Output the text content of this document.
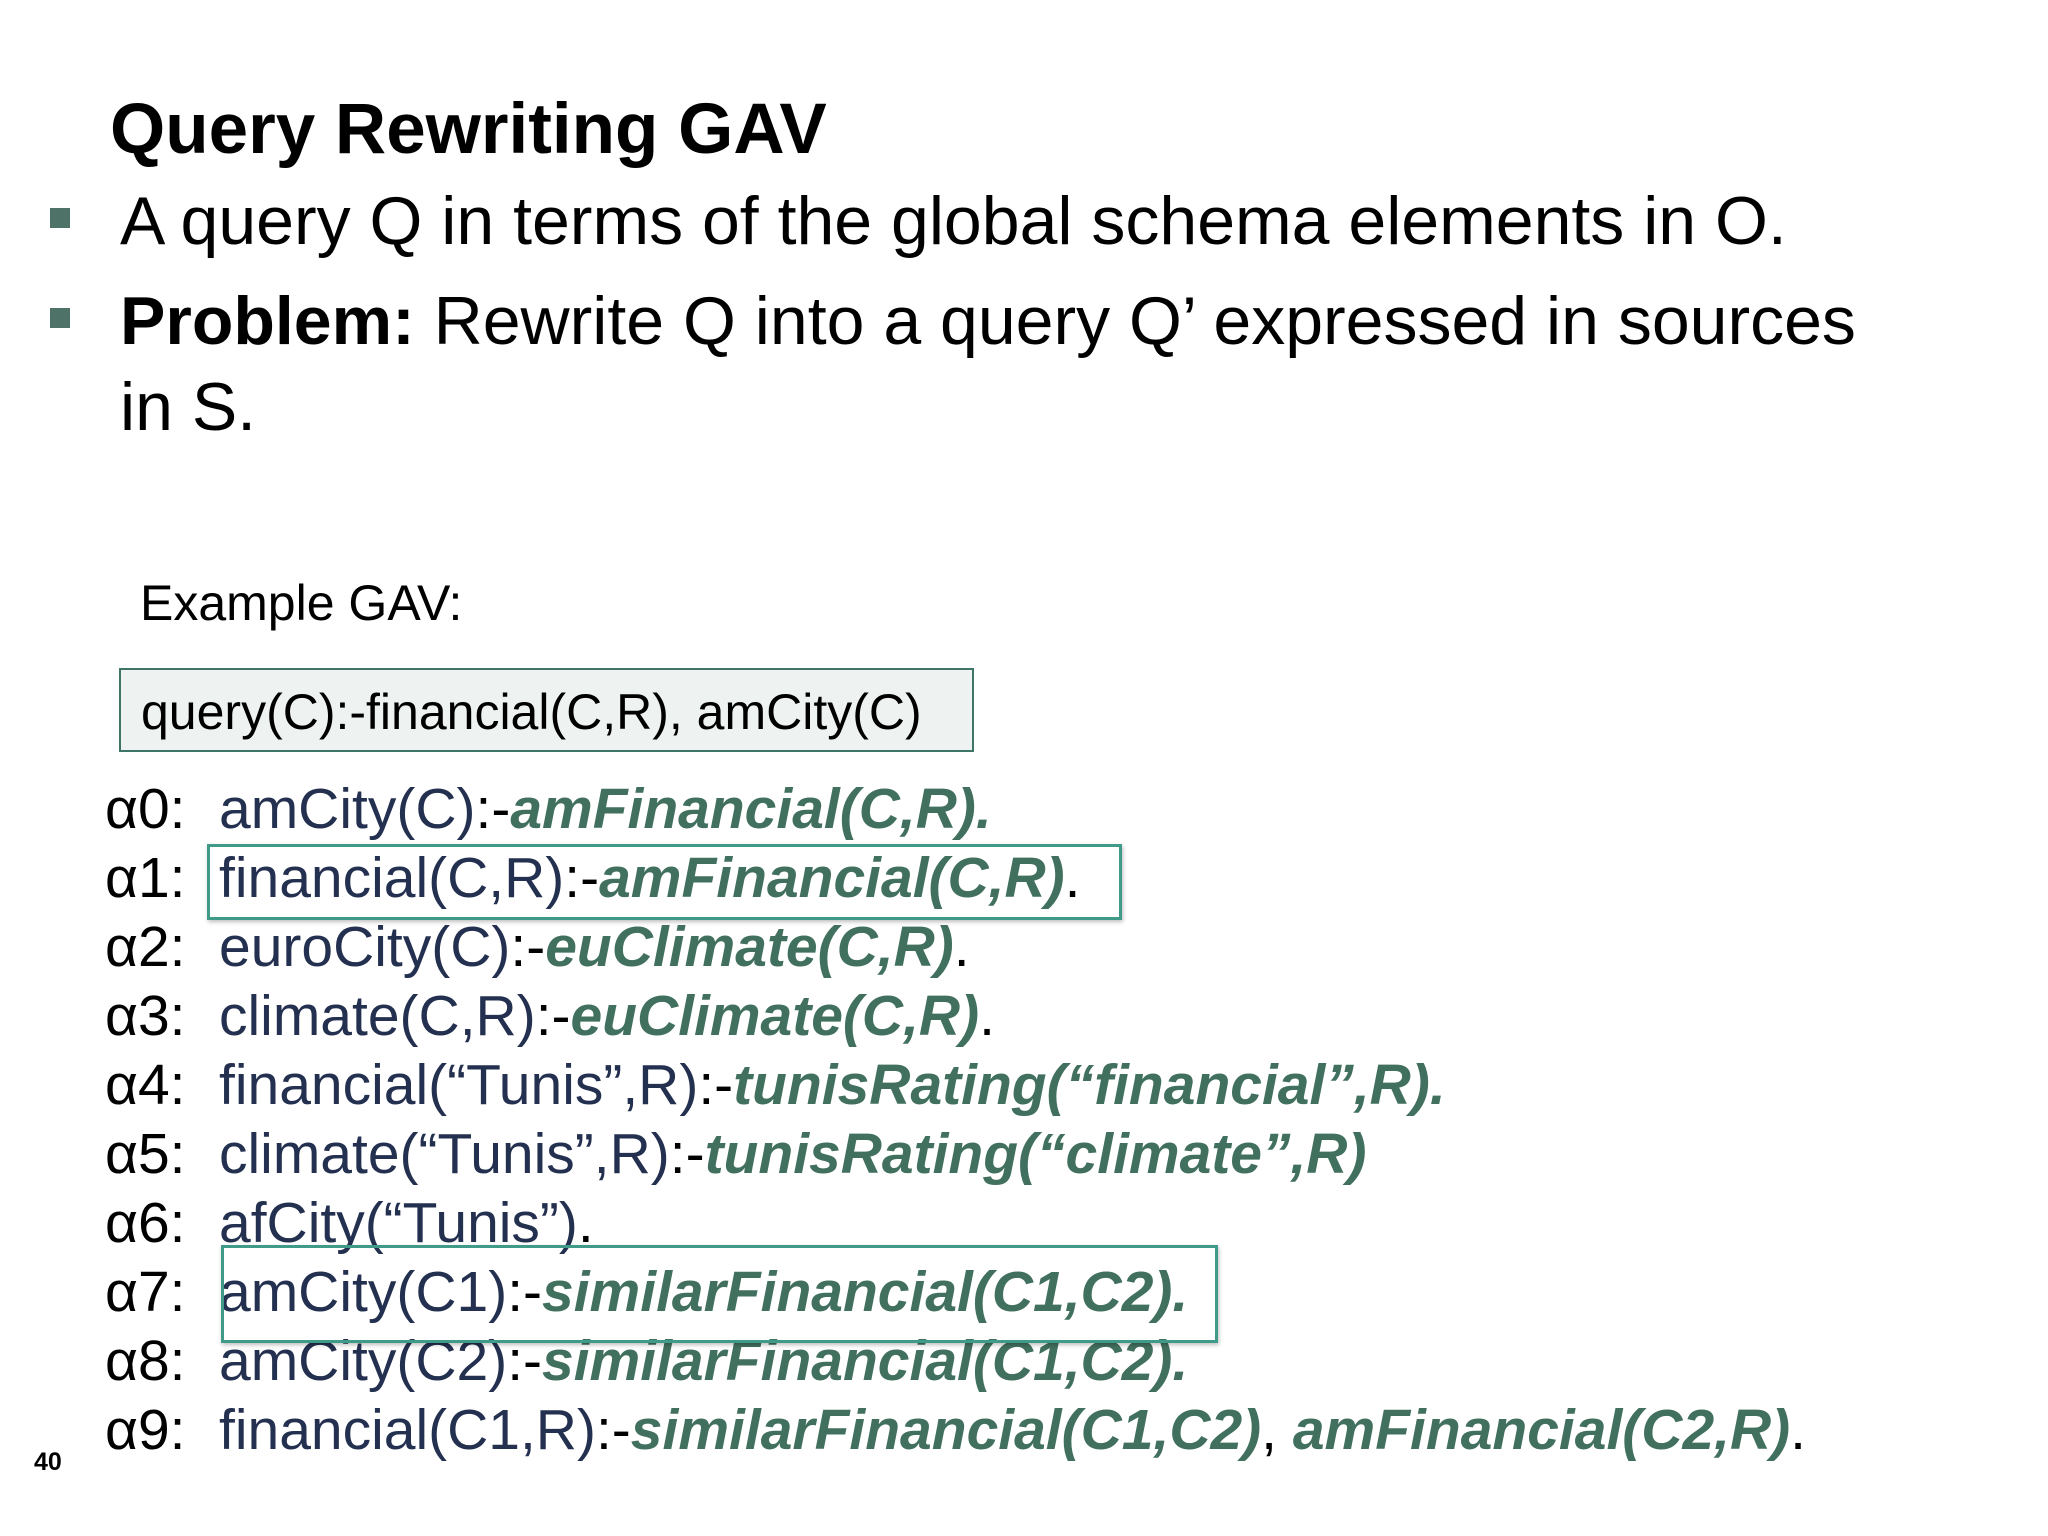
Query Rewriting GAV
A query Q in terms of the global schema elements in O.
Problem: Rewrite Q into a query Q’ expressed in sources in S.
Example GAV:
query(C):-financial(C,R), amCity(C)
α0: amCity(C):-amFinancial(C,R).
α1: financial(C,R):-amFinancial(C,R).
α2: euroCity(C):-euClimate(C,R).
α3: climate(C,R):-euClimate(C,R).
α4: financial(“Tunis”,R):-tunisRating(“financial”,R).
α5: climate(“Tunis”,R):-tunisRating(“climate”,R)
α6: afCity(“Tunis”).
α7: amCity(C1):-similarFinancial(C1,C2).
α8: amCity(C2):-similarFinancial(C1,C2).
α9: financial(C1,R):-similarFinancial(C1,C2), amFinancial(C2,R).
40
